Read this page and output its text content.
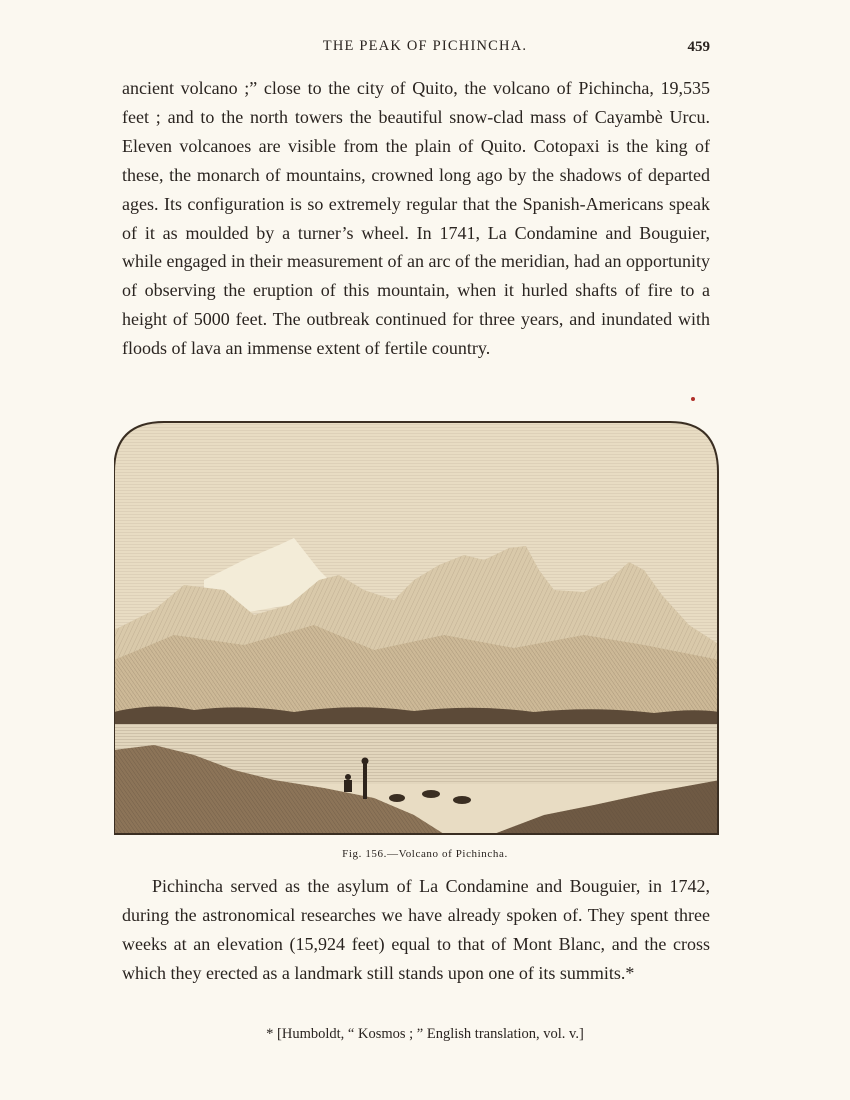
THE PEAK OF PICHINCHA.	459
ancient volcano ;” close to the city of Quito, the volcano of Pichincha, 19,535 feet ; and to the north towers the beautiful snow-clad mass of Cayambè Urcu. Eleven volcanoes are visible from the plain of Quito. Cotopaxi is the king of these, the monarch of mountains, crowned long ago by the shadows of departed ages. Its configuration is so extremely regular that the Spanish-Americans speak of it as moulded by a turner’s wheel. In 1741, La Condamine and Bouguier, while engaged in their measurement of an arc of the meridian, had an opportunity of observing the eruption of this mountain, when it hurled shafts of fire to a height of 5000 feet. The outbreak continued for three years, and inundated with floods of lava an immense extent of fertile country.
Fig. 156.—Volcano of Pichincha.
Pichincha served as the asylum of La Condamine and Bouguier, in 1742, during the astronomical researches we have already spoken of. They spent three weeks at an elevation (15,924 feet) equal to that of Mont Blanc, and the cross which they erected as a landmark still stands upon one of its summits.*
* [Humboldt, “ Kosmos ; ” English translation, vol. v.]
